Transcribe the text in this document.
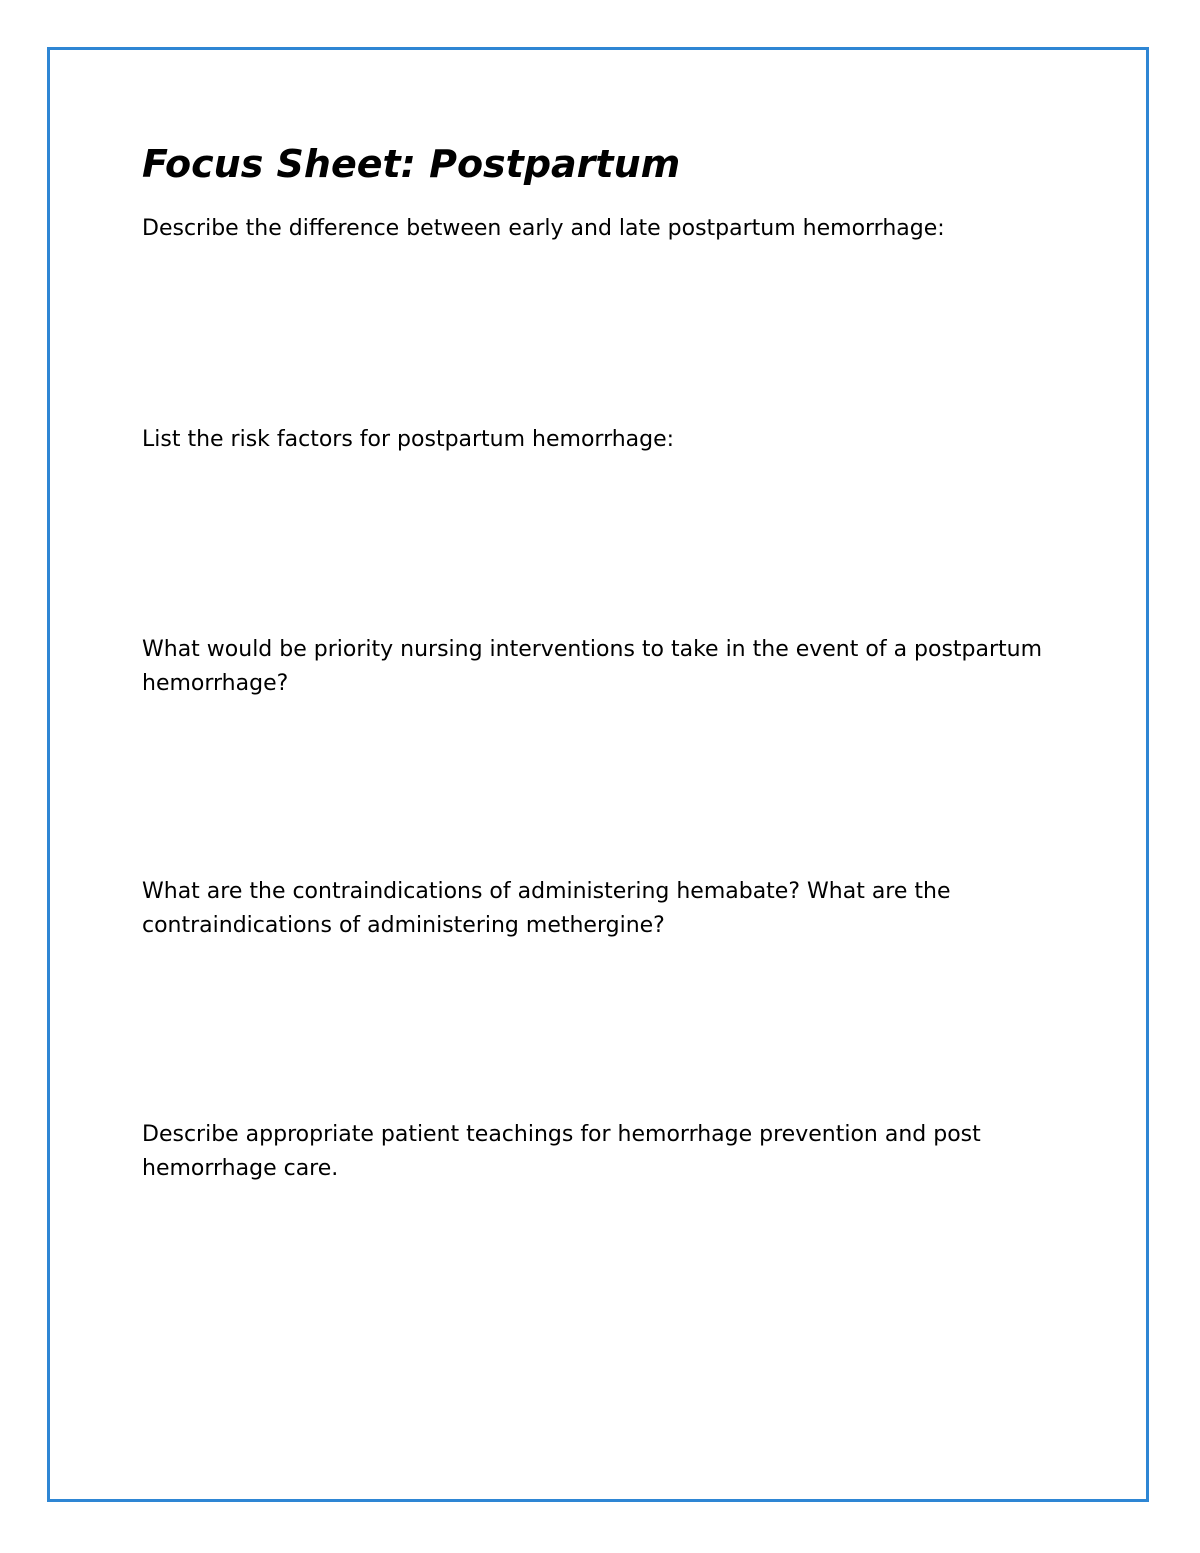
Focus Sheet: Postpartum

Describe the difference between early and late postpartum hemorrhage:

List the risk factors for postpartum hemorrhage:

What would be priority nursing interventions to take in the event of a postpartum hemorrhage?

What are the contraindications of administering hemabate? What are the contraindications of administering methergine?

Describe appropriate patient teachings for hemorrhage prevention and post hemorrhage care.
